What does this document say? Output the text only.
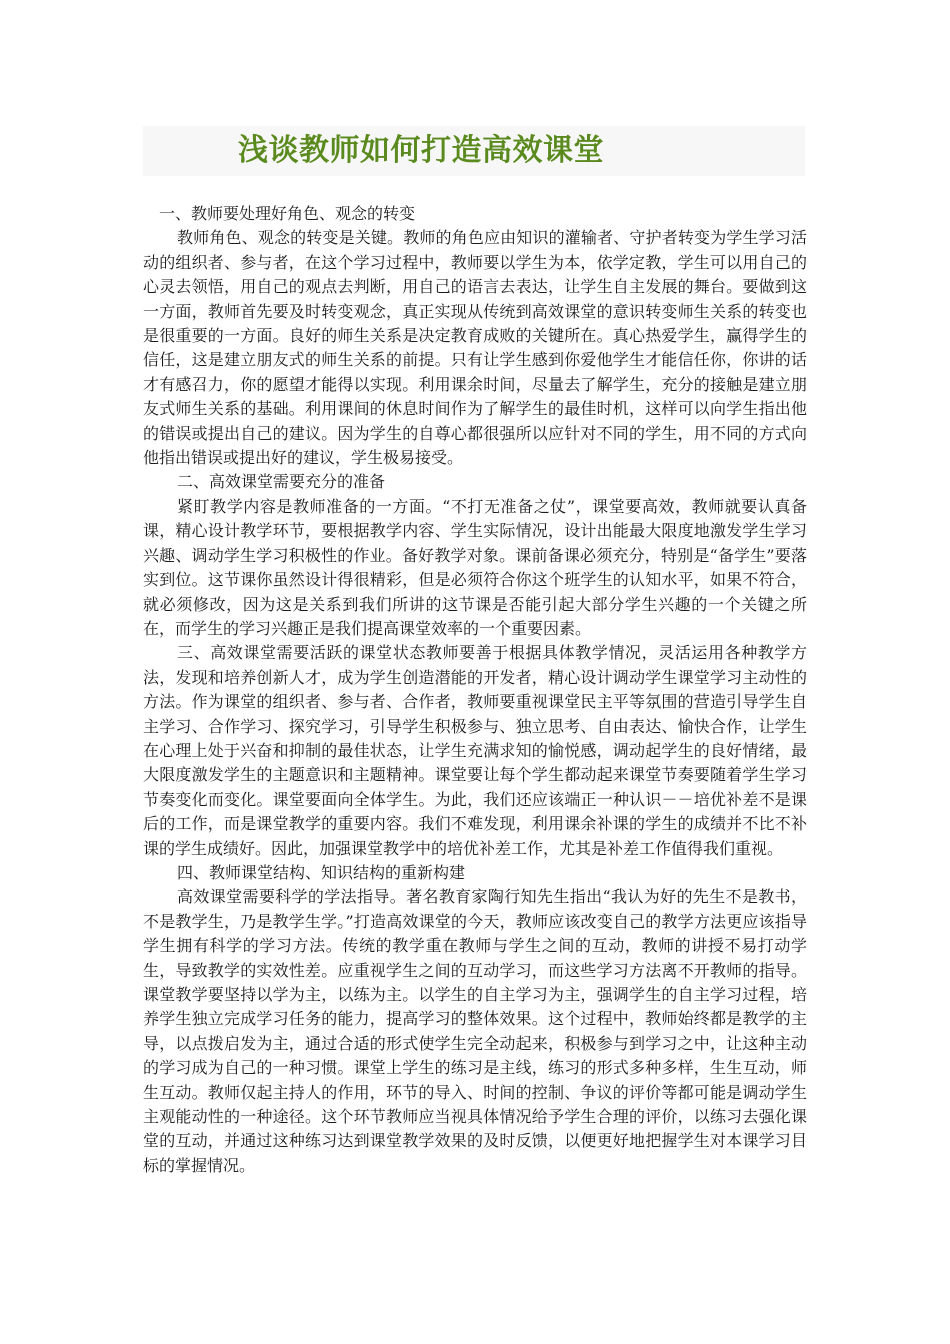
浅谈教师如何打造高效课堂

一、教师要处理好角色、观念的转变

教师角色、观念的转变是关键。教师的角色应由知识的灌输者、守护者转变为学生学习活动的组织者、参与者，在这个学习过程中，教师要以学生为本，依学定教，学生可以用自己的心灵去领悟，用自己的观点去判断，用自己的语言去表达，让学生自主发展的舞台。要做到这一方面，教师首先要及时转变观念，真正实现从传统到高效课堂的意识转变师生关系的转变也是很重要的一方面。良好的师生关系是决定教育成败的关键所在。真心热爱学生，赢得学生的信任，这是建立朋友式的师生关系的前提。只有让学生感到你爱他学生才能信任你，你讲的话才有感召力，你的愿望才能得以实现。利用课余时间，尽量去了解学生，充分的接触是建立朋友式师生关系的基础。利用课间的休息时间作为了解学生的最佳时机，这样可以向学生指出他的错误或提出自己的建议。因为学生的自尊心都很强所以应针对不同的学生，用不同的方式向他指出错误或提出好的建议，学生极易接受。

二、高效课堂需要充分的准备

紧盯教学内容是教师准备的一方面。“不打无准备之仗”，课堂要高效，教师就要认真备课，精心设计教学环节，要根据教学内容、学生实际情况，设计出能最大限度地激发学生学习兴趣、调动学生学习积极性的作业。备好教学对象。课前备课必须充分，特别是“备学生”要落实到位。这节课你虽然设计得很精彩，但是必须符合你这个班学生的认知水平，如果不符合，就必须修改，因为这是关系到我们所讲的这节课是否能引起大部分学生兴趣的一个关键之所在，而学生的学习兴趣正是我们提高课堂效率的一个重要因素。

三、高效课堂需要活跃的课堂状态教师要善于根据具体教学情况，灵活运用各种教学方法，发现和培养创新人才，成为学生创造潜能的开发者，精心设计调动学生课堂学习主动性的方法。作为课堂的组织者、参与者、合作者，教师要重视课堂民主平等氛围的营造引导学生自主学习、合作学习、探究学习，引导学生积极参与、独立思考、自由表达、愉快合作，让学生在心理上处于兴奋和抑制的最佳状态，让学生充满求知的愉悦感，调动起学生的良好情绪，最大限度激发学生的主题意识和主题精神。课堂要让每个学生都动起来课堂节奏要随着学生学习节奏变化而变化。课堂要面向全体学生。为此，我们还应该端正一种认识－－培优补差不是课后的工作，而是课堂教学的重要内容。我们不难发现，利用课余补课的学生的成绩并不比不补课的学生成绩好。因此，加强课堂教学中的培优补差工作，尤其是补差工作值得我们重视。

四、教师课堂结构、知识结构的重新构建

高效课堂需要科学的学法指导。著名教育家陶行知先生指出“我认为好的先生不是教书，不是教学生，乃是教学生学。”打造高效课堂的今天，教师应该改变自己的教学方法更应该指导学生拥有科学的学习方法。传统的教学重在教师与学生之间的互动，教师的讲授不易打动学生，导致教学的实效性差。应重视学生之间的互动学习，而这些学习方法离不开教师的指导。课堂教学要坚持以学为主，以练为主。以学生的自主学习为主，强调学生的自主学习过程，培养学生独立完成学习任务的能力，提高学习的整体效果。这个过程中，教师始终都是教学的主导，以点拨启发为主，通过合适的形式使学生完全动起来，积极参与到学习之中，让这种主动的学习成为自己的一种习惯。课堂上学生的练习是主线，练习的形式多种多样，生生互动，师生互动。教师仅起主持人的作用，环节的导入、时间的控制、争议的评价等都可能是调动学生主观能动性的一种途径。这个环节教师应当视具体情况给予学生合理的评价，以练习去强化课堂的互动，并通过这种练习达到课堂教学效果的及时反馈，以便更好地把握学生对本课学习目标的掌握情况。
